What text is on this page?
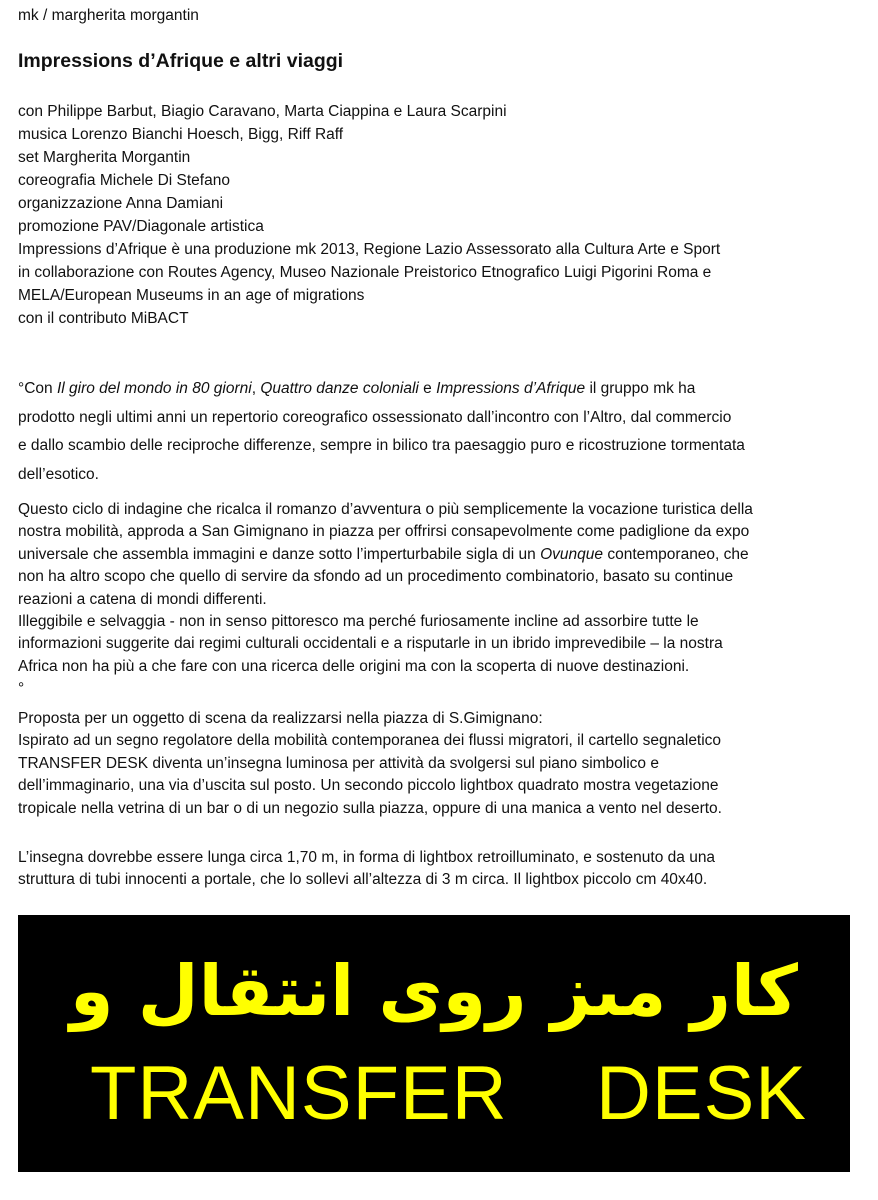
mk / margherita morgantin
Impressions d’Afrique e altri viaggi
con Philippe Barbut, Biagio Caravano, Marta Ciappina e Laura Scarpini
musica Lorenzo Bianchi Hoesch, Bigg, Riff Raff
set Margherita Morgantin
coreografia Michele Di Stefano
organizzazione Anna Damiani
promozione PAV/Diagonale artistica
Impressions d’Afrique è una produzione mk 2013, Regione Lazio Assessorato alla Cultura Arte e Sport
in collaborazione con Routes Agency, Museo Nazionale Preistorico Etnografico Luigi Pigorini Roma e
MELA/European Museums in an age of migrations
con il contributo MiBACT

°Con Il giro del mondo in 80 giorni, Quattro danze coloniali e Impressions d’Afrique il gruppo mk ha
prodotto negli ultimi anni un repertorio coreografico ossessionato dall’incontro con l’Altro, dal commercio
e dallo scambio delle reciproche differenze, sempre in bilico tra paesaggio puro e ricostruzione tormentata
dell’esotico.

Questo ciclo di indagine che ricalca il romanzo d’avventura o più semplicemente la vocazione turistica della
nostra mobilità, approda a San Gimignano in piazza per offrirsi consapevolmente come padiglione da expo
universale che assembla immagini e danze sotto l’imperturbabile sigla di un Ovunque contemporaneo, che
non ha altro scopo che quello di servire da sfondo ad un procedimento combinatorio, basato su continue
reazioni a catena di mondi differenti.
Illeggibile e selvaggia - non in senso pittoresco ma perché furiosamente incline ad assorbire tutte le
informazioni suggerite dai regimi culturali occidentali e a risputarle in un ibrido imprevedibile – la nostra
Africa non ha più a che fare con una ricerca delle origini ma con la scoperta di nuove destinazioni.
°

Proposta per un oggetto di scena da realizzarsi nella piazza di S.Gimignano:
Ispirato ad un segno regolatore della mobilità contemporanea dei flussi migratori, il cartello segnaletico
TRANSFER DESK diventa un’insegna luminosa per attività da svolgersi sul piano simbolico e
dell’immaginario, una via d’uscita sul posto. Un secondo piccolo lightbox quadrato mostra vegetazione
tropicale nella vetrina di un bar o di un negozio sulla piazza, oppure di una manica a vento nel deserto.

L’insegna dovrebbe essere lunga circa 1,70 m, in forma di lightbox retroilluminato, e sostenuto da una
struttura di tubi innocenti a portale, che lo sollevi all’altezza di 3 m circa. Il lightbox piccolo cm 40x40.

كار مىز روى انتقال و
TRANSFER    DESK
